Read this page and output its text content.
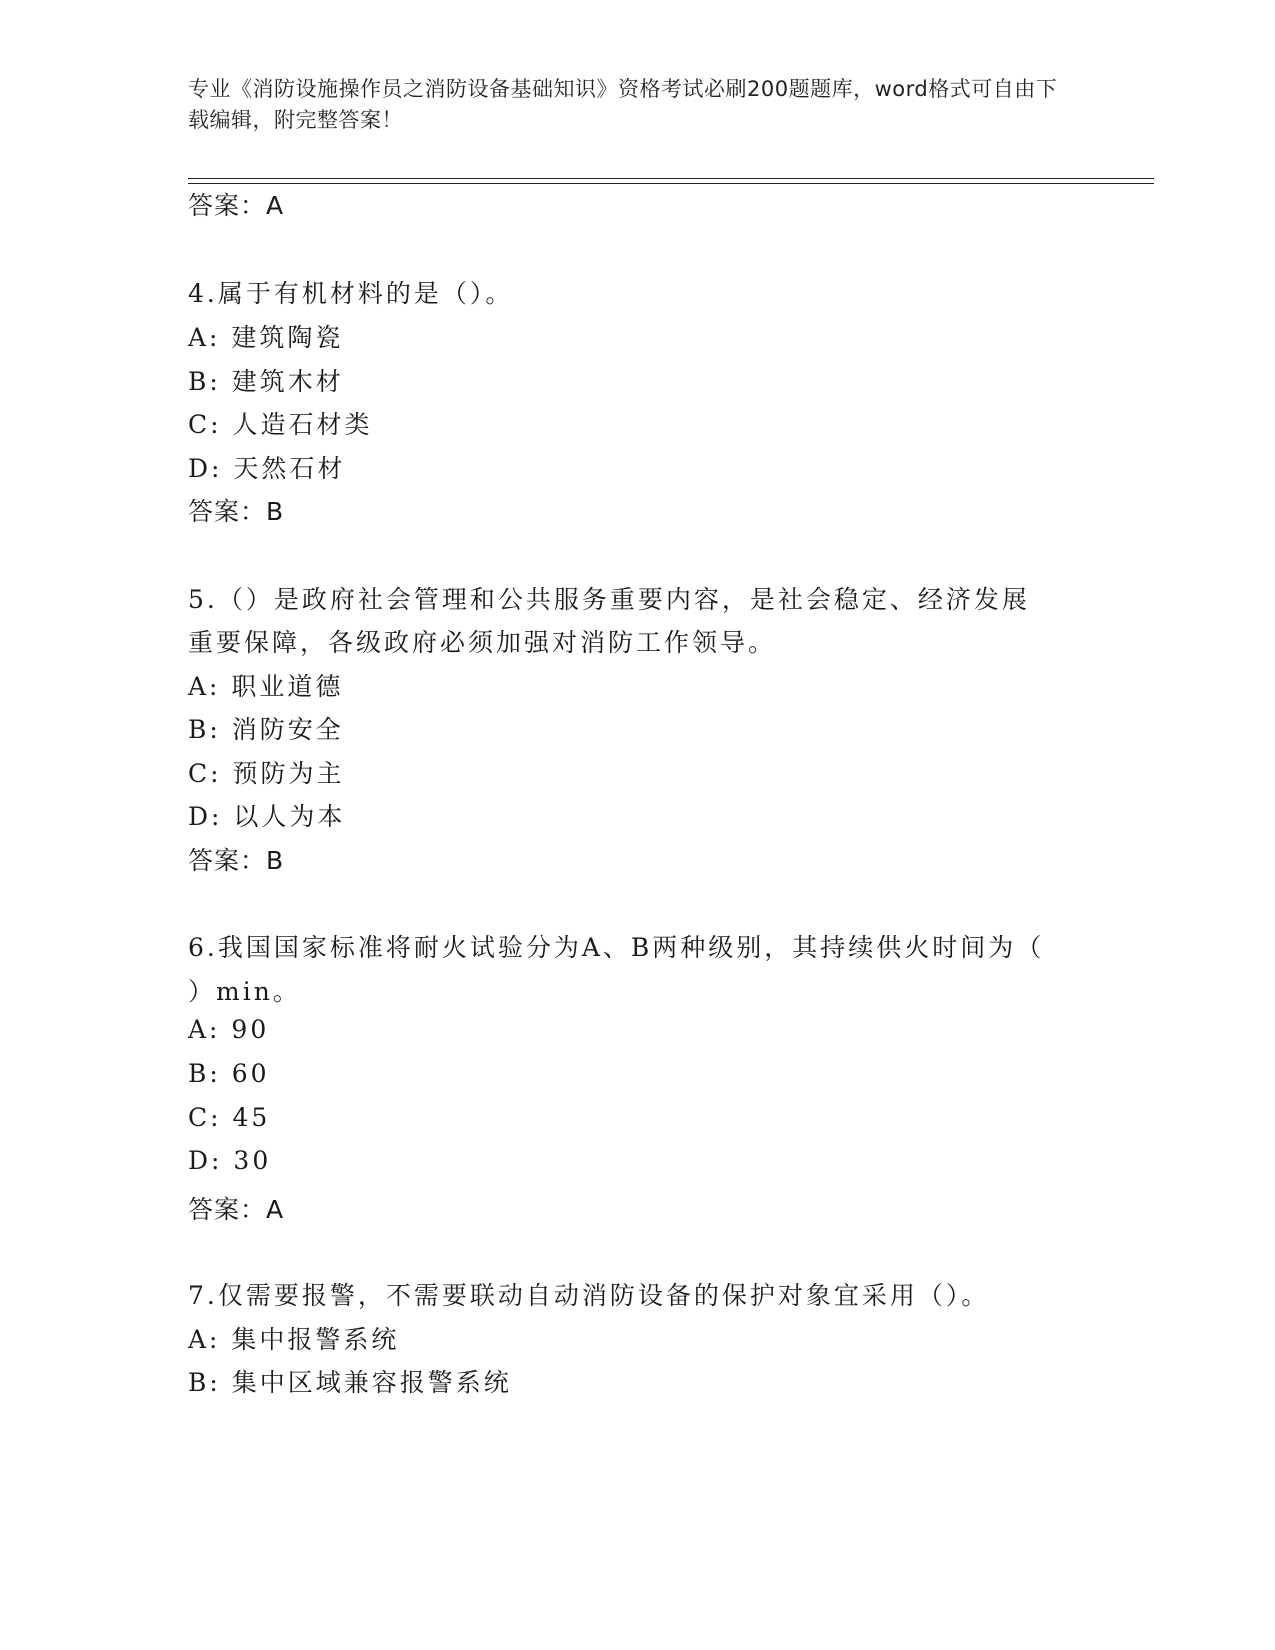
专业《消防设施操作员之消防设备基础知识》资格考试必刷200题题库，word格式可自由下载编辑，附完整答案！
答案：A
4.属于有机材料的是（）。
A: 建筑陶瓷
B: 建筑木材
C: 人造石材类
D: 天然石材
答案：B
5.（）是政府社会管理和公共服务重要内容，是社会稳定、经济发展
重要保障，各级政府必须加强对消防工作领导。
A: 职业道德
B: 消防安全
C: 预防为主
D: 以人为本
答案：B
6.我国国家标准将耐火试验分为A、B两种级别，其持续供火时间为（
）min。
A: 90
B: 60
C: 45
D: 30
答案：A
7.仅需要报警，不需要联动自动消防设备的保护对象宜采用（）。
A: 集中报警系统
B: 集中区域兼容报警系统
